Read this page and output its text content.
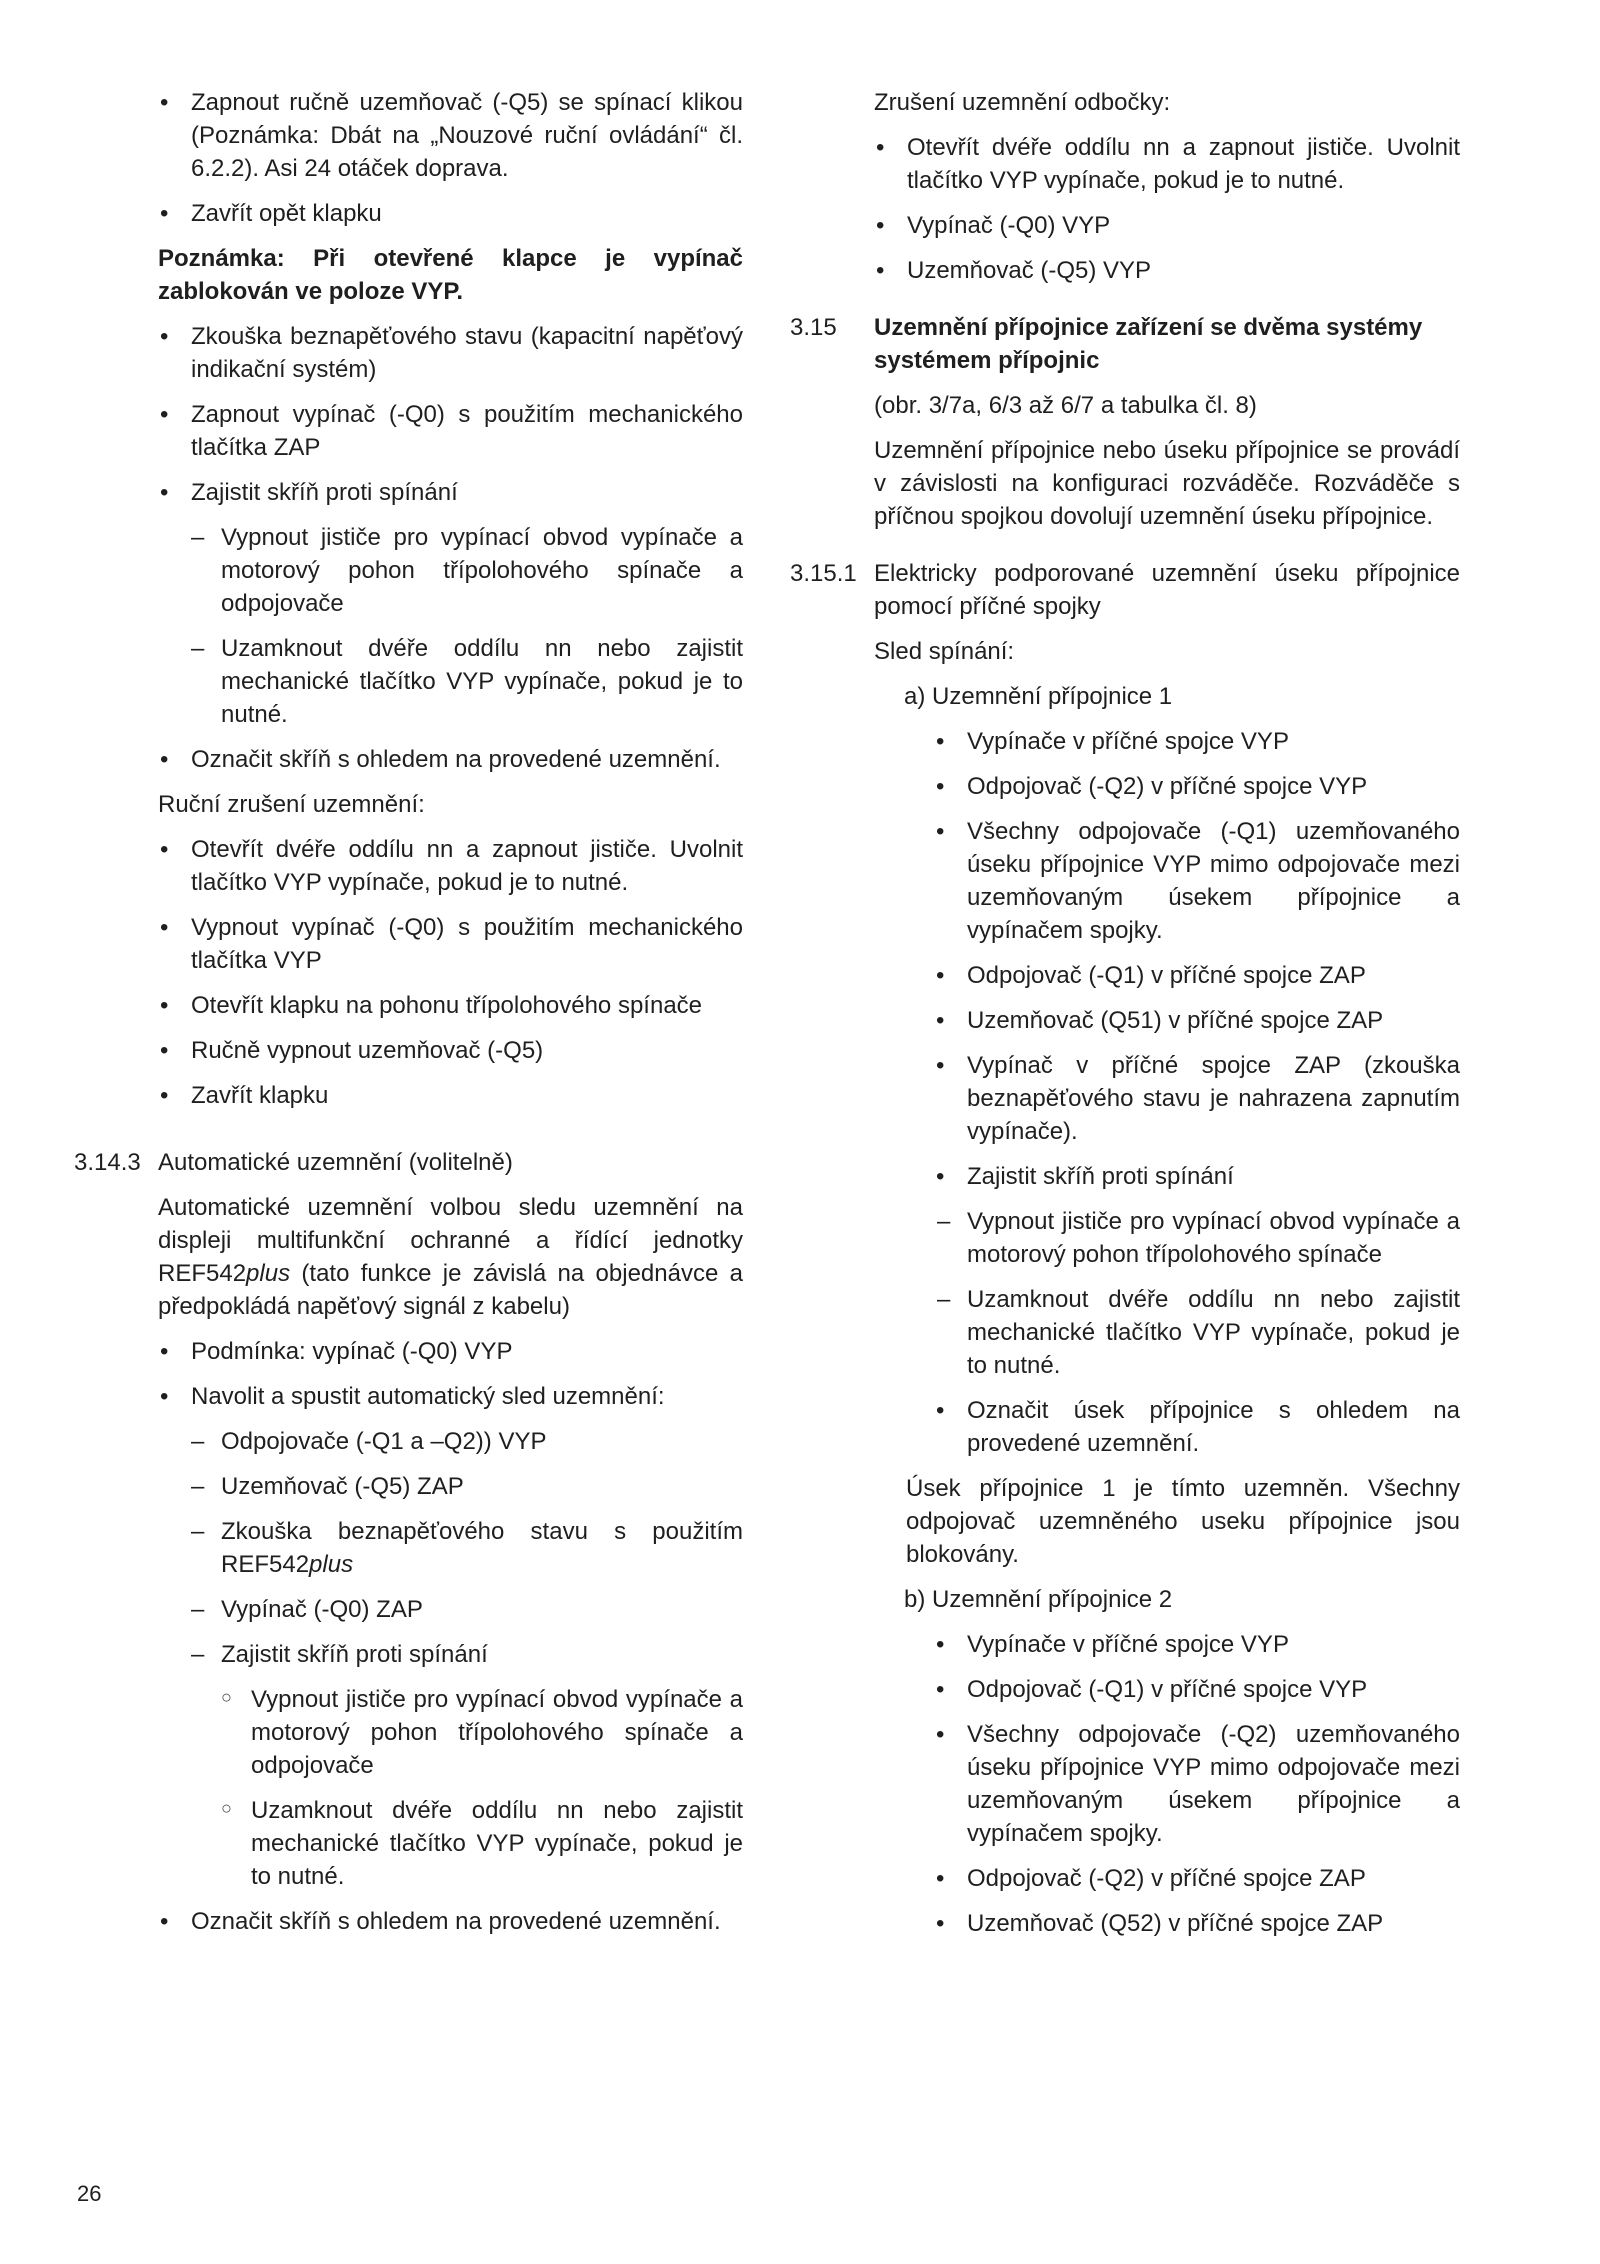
• Zapnout ručně uzemňovač (-Q5) se spínací klikou (Poznámka: Dbát na „Nouzové ruční ovládání“ čl. 6.2.2). Asi 24 otáček doprava.
• Zavřít opět klapku

Poznámka: Při otevřené klapce je vypínač zablokován ve poloze VYP.

• Zkouška beznapěťového stavu (kapacitní napěťový indikační systém)
• Zapnout vypínač (-Q0) s použitím mechanického tlačítka ZAP
• Zajistit skříň proti spínání
– Vypnout jističe pro vypínací obvod vypínače a motorový pohon třípolohového spínače a odpojovače
– Uzamknout dvéře oddílu nn nebo zajistit mechanické tlačítko VYP vypínače, pokud je to nutné.
• Označit skříň s ohledem na provedené uzemnění.

Ruční zrušení uzemnění:

• Otevřít dvéře oddílu nn a zapnout jističe. Uvolnit tlačítko VYP vypínače, pokud je to nutné.
• Vypnout vypínač (-Q0) s použitím mechanického tlačítka VYP
• Otevřít klapku na pohonu třípolohového spínače
• Ručně vypnout uzemňovač (-Q5)
• Zavřít klapku
3.14.3 Automatické uzemnění (volitelně)

Automatické uzemnění volbou sledu uzemnění na displeji multifunkční ochranné a řídící jednotky REF542plus (tato funkce je závislá na objednávce a předpokládá napěťový signál z kabelu)

• Podmínka: vypínač (-Q0) VYP
• Navolit a spustit automatický sled uzemnění:
– Odpojovače (-Q1 a –Q2)) VYP
– Uzemňovač (-Q5) ZAP
– Zkouška beznapěťového stavu s použitím REF542plus
– Vypínač (-Q0) ZAP
– Zajistit skříň proti spínání
○ Vypnout jističe pro vypínací obvod vypínače a motorový pohon třípolohového spínače a odpojovače
○ Uzamknout dvéře oddílu nn nebo zajistit mechanické tlačítko VYP vypínače, pokud je to nutné.
• Označit skříň s ohledem na provedené uzemnění.

Zrušení uzemnění odbočky:

• Otevřít dvéře oddílu nn a zapnout jističe. Uvolnit tlačítko VYP vypínače, pokud je to nutné.
• Vypínač (-Q0) VYP
• Uzemňovač (-Q5) VYP
3.15 Uzemnění přípojnice zařízení se dvěma systémy systémem přípojnic

(obr. 3/7a, 6/3 až 6/7 a tabulka čl. 8)

Uzemnění přípojnice nebo úseku přípojnice se provádí v závislosti na konfiguraci rozváděče. Rozváděče s příčnou spojkou dovolují uzemnění úseku přípojnice.

3.15.1 Elektricky podporované uzemnění úseku přípojnice pomocí příčné spojky

Sled spínání:

a) Uzemnění přípojnice 1

• Vypínače v příčné spojce VYP
• Odpojovač (-Q2) v příčné spojce VYP
• Všechny odpojovače (-Q1) uzemňovaného úseku přípojnice VYP mimo odpojovače mezi uzemňovaným úsekem přípojnice a vypínačem spojky.
• Odpojovač (-Q1) v příčné spojce ZAP
• Uzemňovač (Q51) v příčné spojce ZAP
• Vypínač v příčné spojce ZAP (zkouška beznapěťového stavu je nahrazena zapnutím vypínače).
• Zajistit skříň proti spínání
– Vypnout jističe pro vypínací obvod vypínače a motorový pohon třípolohového spínače
– Uzamknout dvéře oddílu nn nebo zajistit mechanické tlačítko VYP vypínače, pokud je to nutné.
• Označit úsek přípojnice s ohledem na provedené uzemnění.

Úsek přípojnice 1 je tímto uzemněn. Všechny odpojovač uzemněného useku přípojnice jsou blokovány.

b) Uzemnění přípojnice 2

• Vypínače v příčné spojce VYP
• Odpojovač (-Q1) v příčné spojce VYP
• Všechny odpojovače (-Q2) uzemňovaného úseku přípojnice VYP mimo odpojovače mezi uzemňovaným úsekem přípojnice a vypínačem spojky.
• Odpojovač (-Q2) v příčné spojce ZAP
• Uzemňovač (Q52) v příčné spojce ZAP
26
